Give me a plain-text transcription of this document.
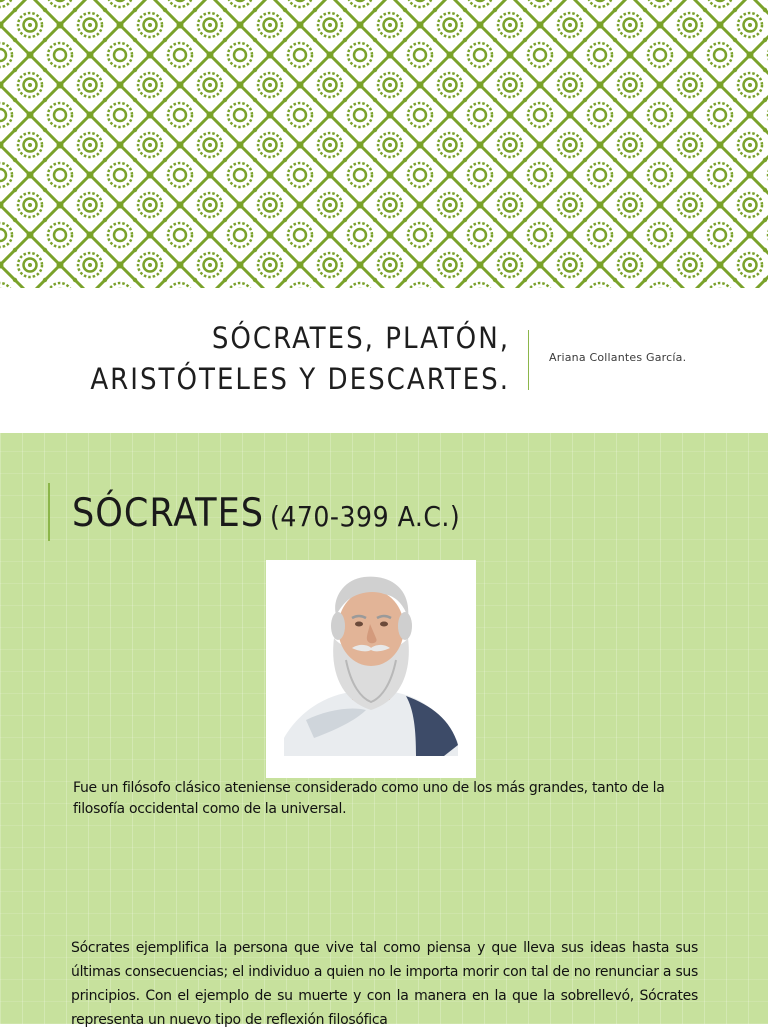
SÓCRATES, PLATÓN, ARISTÓTELES Y DESCARTES.
Ariana Collantes García.
SÓCRATES (470-399 A.C.)

Fue un filósofo clásico ateniense considerado como uno de los más grandes, tanto de la filosofía occidental como de la universal.

Sócrates ejemplifica la persona que vive tal como piensa y que lleva sus ideas hasta sus últimas consecuencias; el individuo a quien no le importa morir con tal de no renunciar a sus principios. Con el ejemplo de su muerte y con la manera en la que la sobrellevó, Sócrates representa un nuevo tipo de reflexión filosófica
